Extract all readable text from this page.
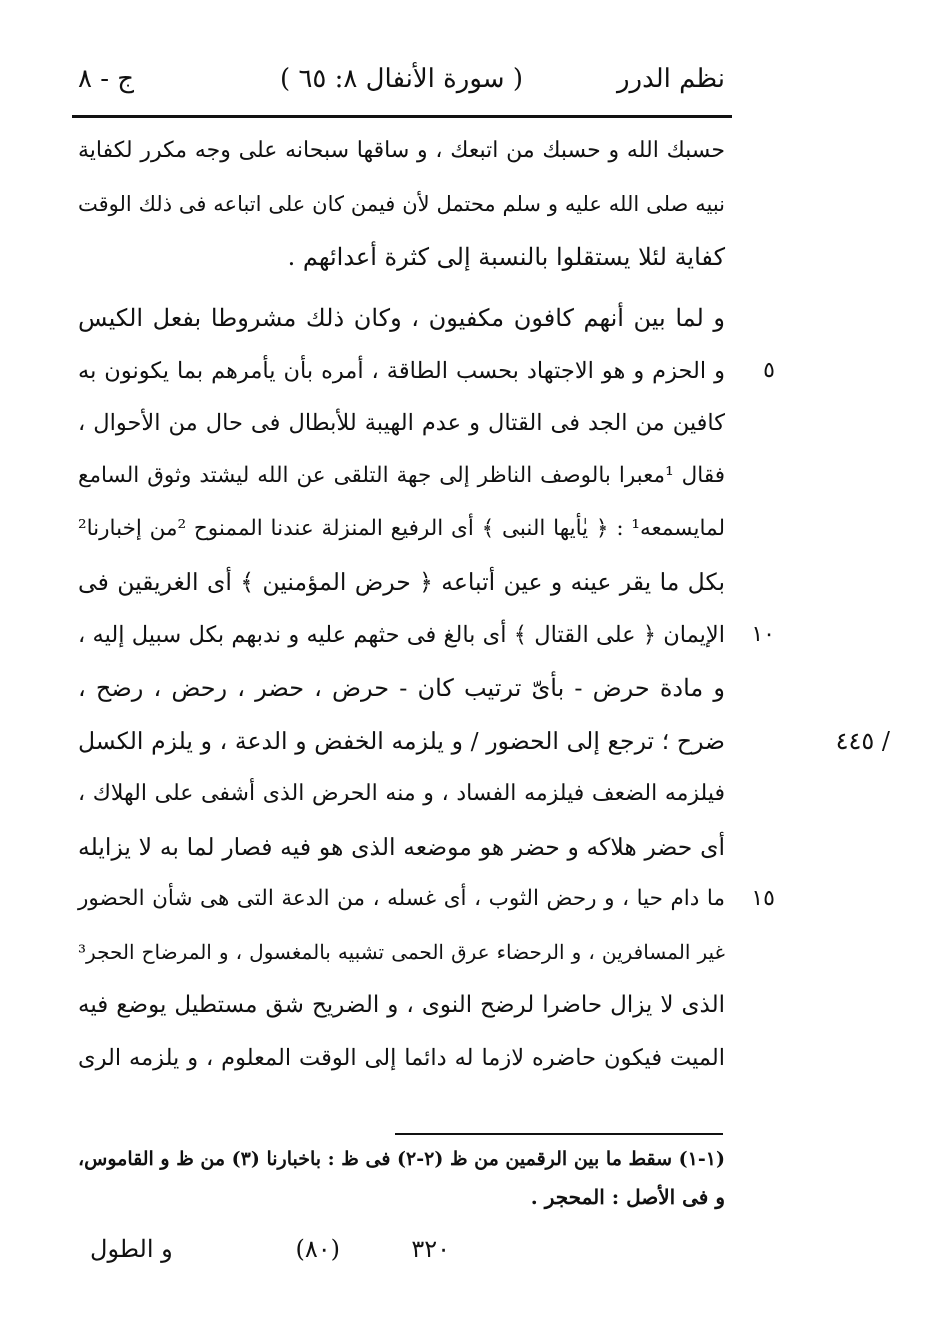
نظم الدرر
( سورة الأنفال ٨: ٦٥ )
ج - ٨
حسبك الله و حسبك من اتبعك ، و ساقها سبحانه على وجه مكرر لكفاية
نبيه صلى الله عليه و سلم محتمل لأن فيمن كان على اتباعه فى ذلك الوقت
كفاية لئلا يستقلوا بالنسبة إلى كثرة أعدائهم .
و لما بين أنهم كافون مكفيون ، وكان ذلك مشروطا بفعل الكيس
٥
و الحزم و هو الاجتهاد بحسب الطاقة ، أمره بأن يأمرهم بما يكونون به
كافين من الجد فى القتال و عدم الهيبة للأبطال فى حال من الأحوال ،
فقال ¹معبرا بالوصف الناظر إلى جهة التلقى عن الله ليشتد وثوق السامع
لمايسمعه¹ : ﴿ يٰأيها النبى ﴾ أى الرفيع المنزلة عندنا الممنوح ²من إخبارنا²
بكل ما يقر عينه و عين أتباعه ﴿ حرض المؤمنين ﴾ أى الغريقين فى
١٠
الإيمان ﴿ على القتال ﴾ أى بالغ فى حثهم عليه و ندبهم بكل سبيل إليه ،
و مادة حرض - بأىّ ترتيب كان - حرض ، حضر ، رحض ، رضح ،
٤٤٥ /
ضرح ؛ ترجع إلى الحضور / و يلزمه الخفض و الدعة ، و يلزم الكسل
فيلزمه الضعف فيلزمه الفساد ، و منه الحرض الذى أشفى على الهلاك ،
أى حضر هلاكه و حضر هو موضعه الذى هو فيه فصار لما به لا يزايله
١٥
ما دام حيا ، و رحض الثوب ، أى غسله ، من الدعة التى هى شأن الحضور
غير المسافرين ، و الرحضاء عرق الحمى تشبيه بالمغسول ، و المرضاح الحجر³
الذى لا يزال حاضرا لرضح النوى ، و الضريح شق مستطيل يوضع فيه
الميت فيكون حاضره لازما له دائما إلى الوقت المعلوم ، و يلزمه الرى
(١-١) سقط ما بين الرقمين من ظ (٢-٢) فى ظ : باخبارنا (٣) من ظ و القاموس،
و فى الأصل : المحجر .
٣٢٠
(٨٠)
و الطول
